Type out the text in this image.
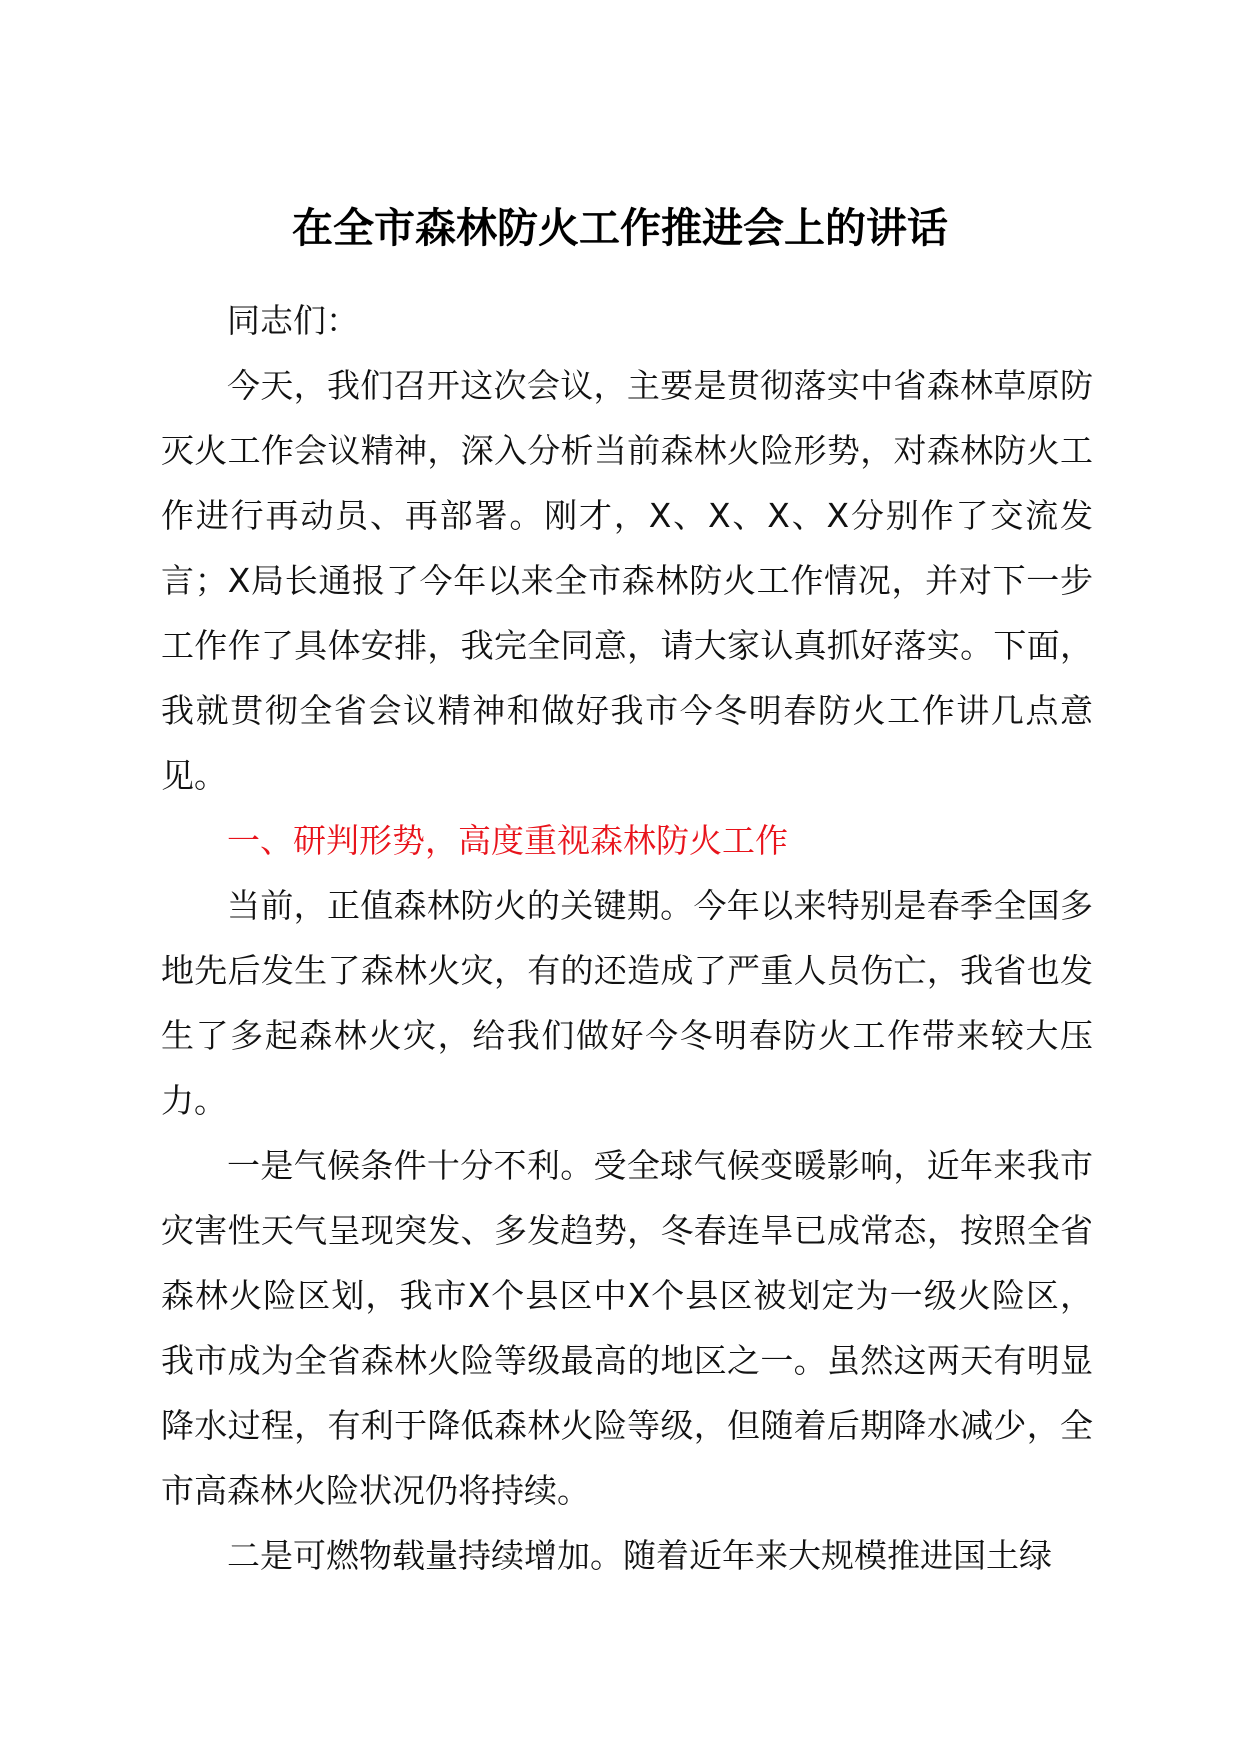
在全市森林防火工作推进会上的讲话

同志们：

今天，我们召开这次会议，主要是贯彻落实中省森林草原防灭火工作会议精神，深入分析当前森林火险形势，对森林防火工作进行再动员、再部署。刚才，X、X、X、X分别作了交流发言；X局长通报了今年以来全市森林防火工作情况，并对下一步工作作了具体安排，我完全同意，请大家认真抓好落实。下面，我就贯彻全省会议精神和做好我市今冬明春防火工作讲几点意见。

一、研判形势，高度重视森林防火工作

当前，正值森林防火的关键期。今年以来特别是春季全国多地先后发生了森林火灾，有的还造成了严重人员伤亡，我省也发生了多起森林火灾，给我们做好今冬明春防火工作带来较大压力。

一是气候条件十分不利。受全球气候变暖影响，近年来我市灾害性天气呈现突发、多发趋势，冬春连旱已成常态，按照全省森林火险区划，我市X个县区中X个县区被划定为一级火险区，我市成为全省森林火险等级最高的地区之一。虽然这两天有明显降水过程，有利于降低森林火险等级，但随着后期降水减少，全市高森林火险状况仍将持续。

二是可燃物载量持续增加。随着近年来大规模推进国土绿
